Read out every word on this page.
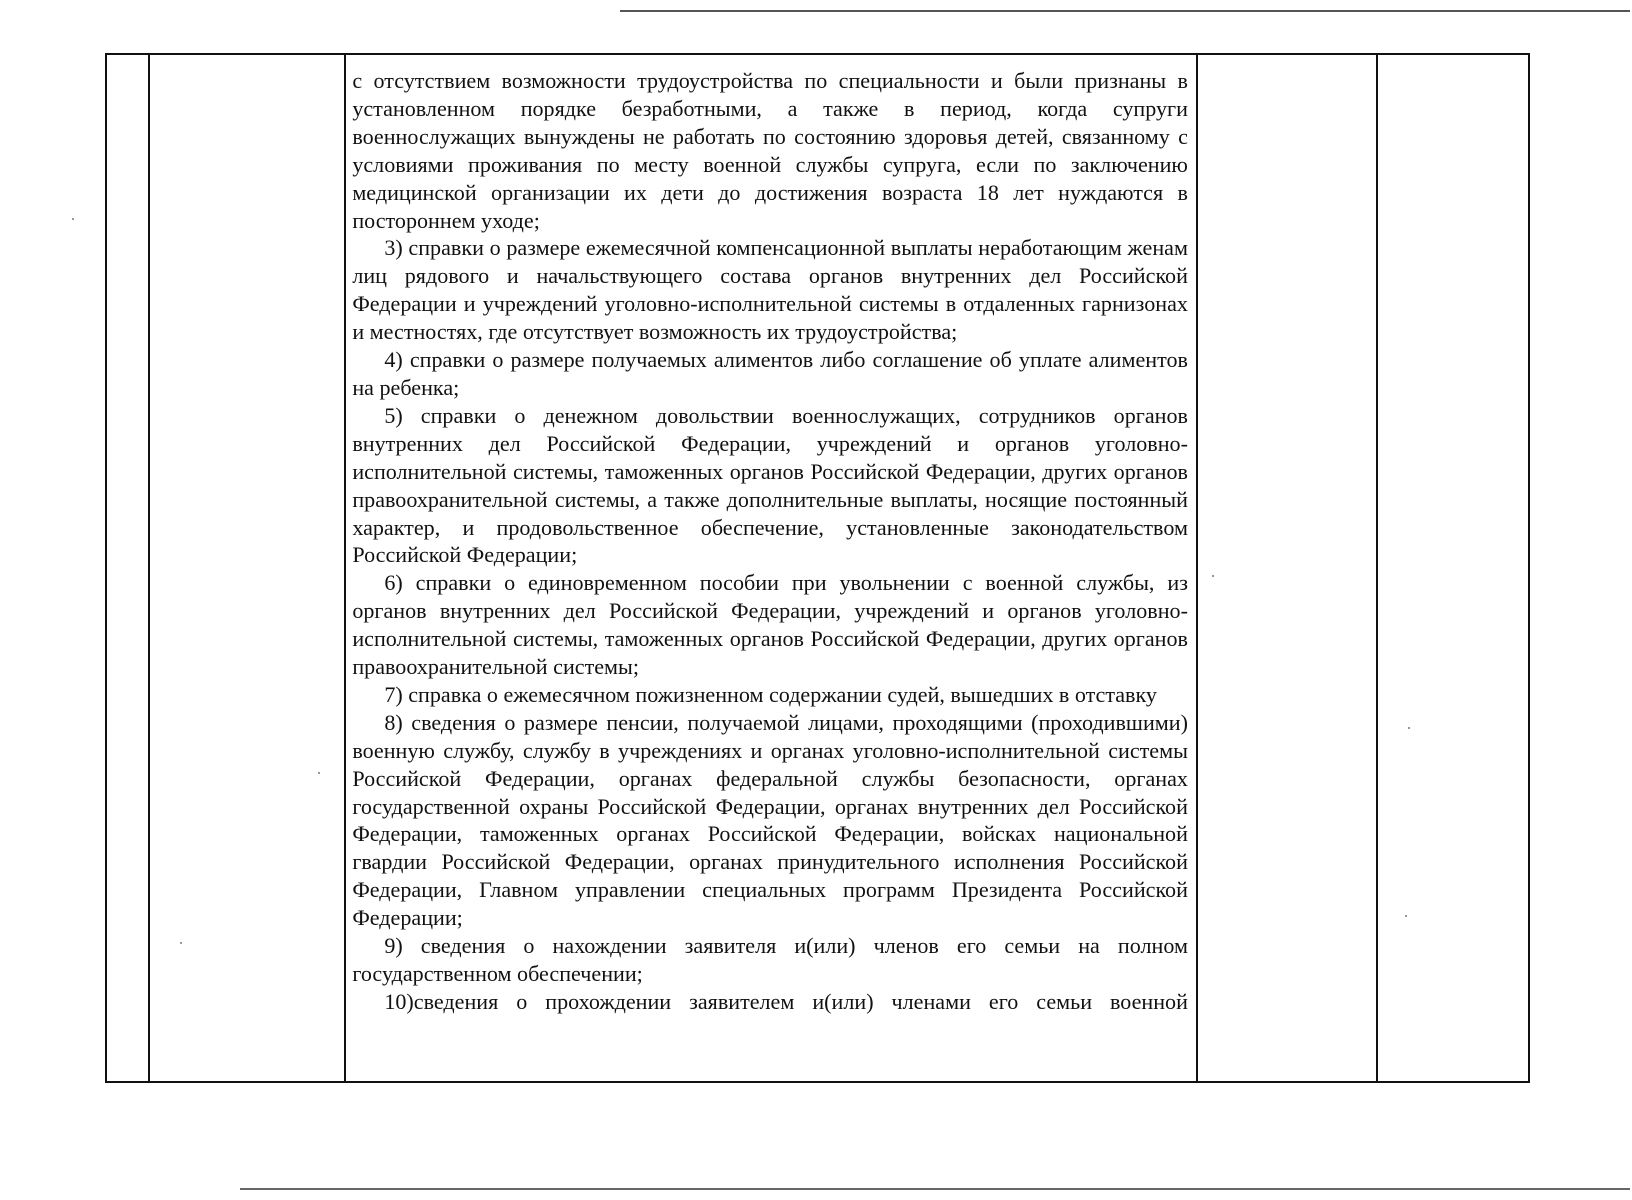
с отсутствием возможности трудоустройства по специальности и были признаны в установленном порядке безработными, а также в период, когда супруги военнослужащих вынуждены не работать по состоянию здоровья детей, связанному с условиями проживания по месту военной службы супруга, если по заключению медицинской организации их дети до достижения возраста 18 лет нуждаются в постороннем уходе;

3) справки о размере ежемесячной компенсационной выплаты неработающим женам лиц рядового и начальствующего состава органов внутренних дел Российской Федерации и учреждений уголовно-исполнительной системы в отдаленных гарнизонах и местностях, где отсутствует возможность их трудоустройства;

4) справки о размере получаемых алиментов либо соглашение об уплате алиментов на ребенка;

5) справки о денежном довольствии военнослужащих, сотрудников органов внутренних дел Российской Федерации, учреждений и органов уголовно-исполнительной системы, таможенных органов Российской Федерации, других органов правоохранительной системы, а также дополнительные выплаты, носящие постоянный характер, и продовольственное обеспечение, установленные законодательством Российской Федерации;

6) справки о единовременном пособии при увольнении с военной службы, из органов внутренних дел Российской Федерации, учреждений и органов уголовно-исполнительной системы, таможенных органов Российской Федерации, других органов правоохранительной системы;

7) справка о ежемесячном пожизненном содержании судей, вышедших в отставку

8) сведения о размере пенсии, получаемой лицами, проходящими (проходившими) военную службу, службу в учреждениях и органах уголовно-исполнительной системы Российской Федерации, органах федеральной службы безопасности, органах государственной охраны Российской Федерации, органах внутренних дел Российской Федерации, таможенных органах Российской Федерации, войсках национальной гвардии Российской Федерации, органах принудительного исполнения Российской Федерации, Главном управлении специальных программ Президента Российской Федерации;

9) сведения о нахождении заявителя и(или) членов его семьи на полном государственном обеспечении;

10)сведения о прохождении заявителем и(или) членами его семьи военной
